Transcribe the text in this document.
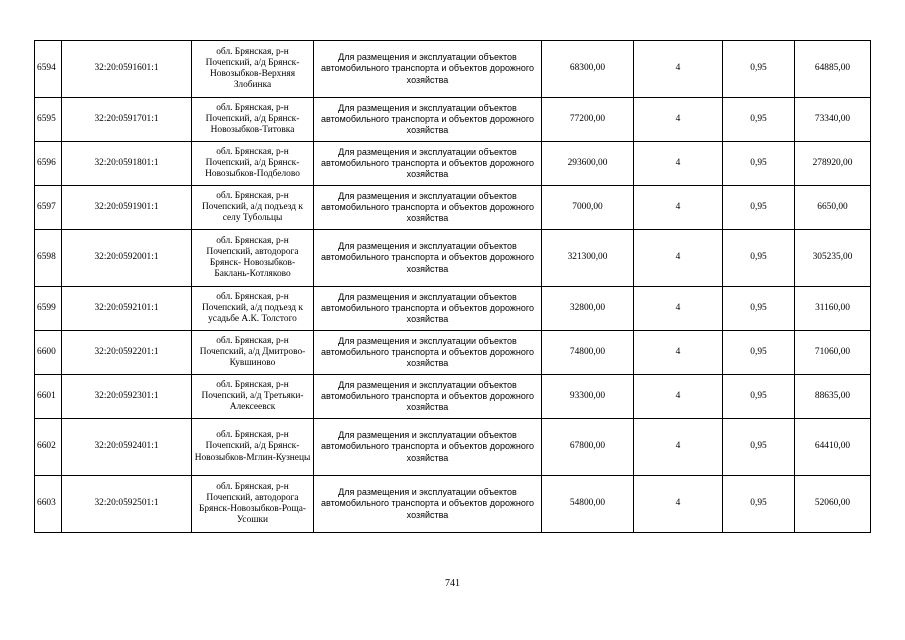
6594	32:20:0591601:1	обл. Брянская, р-н Почепский, а/д Брянск-Новозыбков-Верхняя Злобинка	Для размещения и эксплуатации объектов автомобильного транспорта и объектов дорожного хозяйства	68300,00	4	0,95	64885,00
6595	32:20:0591701:1	обл. Брянская, р-н Почепский, а/д Брянск-Новозыбков-Титовка	Для размещения и эксплуатации объектов автомобильного транспорта и объектов дорожного хозяйства	77200,00	4	0,95	73340,00
6596	32:20:0591801:1	обл. Брянская, р-н Почепский, а/д Брянск-Новозыбков-Подбелово	Для размещения и эксплуатации объектов автомобильного транспорта и объектов дорожного хозяйства	293600,00	4	0,95	278920,00
6597	32:20:0591901:1	обл. Брянская, р-н Почепский, а/д подъезд к селу Тубольцы	Для размещения и эксплуатации объектов автомобильного транспорта и объектов дорожного хозяйства	7000,00	4	0,95	6650,00
6598	32:20:0592001:1	обл. Брянская, р-н Почепский, автодорога Брянск- Новозыбков-Баклань-Котляково	Для размещения и эксплуатации объектов автомобильного транспорта и объектов дорожного хозяйства	321300,00	4	0,95	305235,00
6599	32:20:0592101:1	обл. Брянская, р-н Почепский, а/д подъезд к усадьбе А.К. Толстого	Для размещения и эксплуатации объектов автомобильного транспорта и объектов дорожного хозяйства	32800,00	4	0,95	31160,00
6600	32:20:0592201:1	обл. Брянская, р-н Почепский, а/д Дмитрово-Кувшиново	Для размещения и эксплуатации объектов автомобильного транспорта и объектов дорожного хозяйства	74800,00	4	0,95	71060,00
6601	32:20:0592301:1	обл. Брянская, р-н Почепский, а/д Третьяки-Алексеевск	Для размещения и эксплуатации объектов автомобильного транспорта и объектов дорожного хозяйства	93300,00	4	0,95	88635,00
6602	32:20:0592401:1	обл. Брянская, р-н Почепский, а/д Брянск-Новозыбков-Мглин-Кузнецы	Для размещения и эксплуатации объектов автомобильного транспорта и объектов дорожного хозяйства	67800,00	4	0,95	64410,00
6603	32:20:0592501:1	обл. Брянская, р-н Почепский, автодорога Брянск-Новозыбков-Роща-Усошки	Для размещения и эксплуатации объектов автомобильного транспорта и объектов дорожного хозяйства	54800,00	4	0,95	52060,00
741
